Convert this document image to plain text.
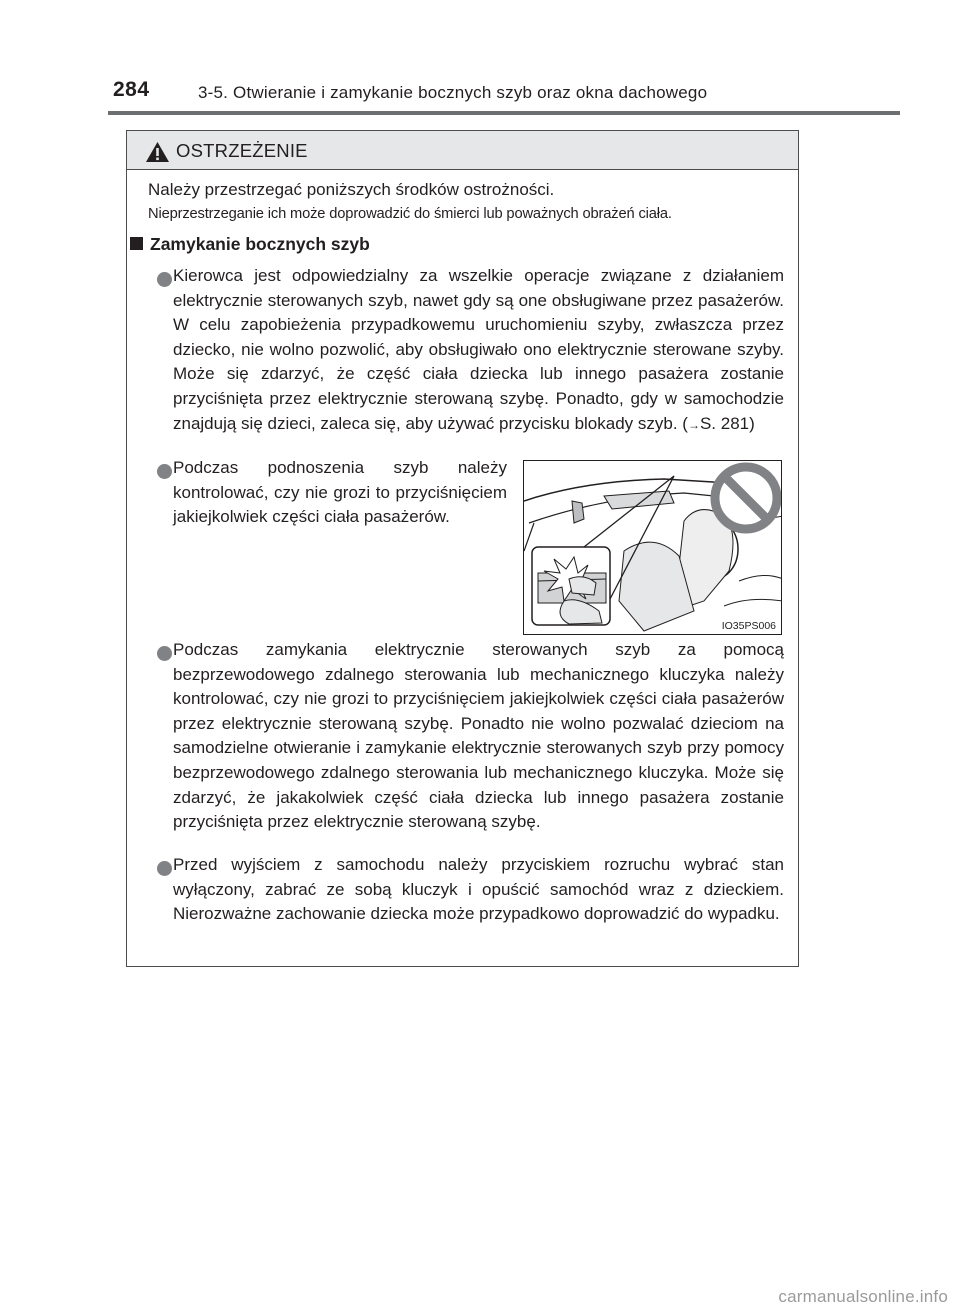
284	3-5. Otwieranie i zamykanie bocznych szyb oraz okna dachowego
OSTRZEŻENIE
Należy przestrzegać poniższych środków ostrożności.
Nieprzestrzeganie ich może doprowadzić do śmierci lub poważnych obrażeń ciała.
Zamykanie bocznych szyb

Kierowca jest odpowiedzialny za wszelkie operacje związane z działaniem elektrycznie sterowanych szyb, nawet gdy są one obsługiwane przez pasażerów. W celu zapobieżenia przypadkowemu uruchomieniu szyby, zwłaszcza przez dziecko, nie wolno pozwolić, aby obsługiwało ono elektrycznie sterowane szyby. Może się zdarzyć, że część ciała dziecka lub innego pasażera zostanie przyciśnięta przez elektrycznie sterowaną szybę. Ponadto, gdy w samochodzie znajdują się dzieci, zaleca się, aby używać przycisku blokady szyb. (→S. 281)

Podczas podnoszenia szyb należy kontrolować, czy nie grozi to przyciśnięciem jakiejkolwiek części ciała pasażerów.

IO35PS006

Podczas zamykania elektrycznie sterowanych szyb za pomocą bezprzewodowego zdalnego sterowania lub mechanicznego kluczyka należy kontrolować, czy nie grozi to przyciśnięciem jakiejkolwiek części ciała pasażerów przez elektrycznie sterowaną szybę. Ponadto nie wolno pozwalać dzieciom na samodzielne otwieranie i zamykanie elektrycznie sterowanych szyb przy pomocy bezprzewodowego zdalnego sterowania lub mechanicznego kluczyka. Może się zdarzyć, że jakakolwiek część ciała dziecka lub innego pasażera zostanie przyciśnięta przez elektrycznie sterowaną szybę.

Przed wyjściem z samochodu należy przyciskiem rozruchu wybrać stan wyłączony, zabrać ze sobą kluczyk i opuścić samochód wraz z dzieckiem. Nierozważne zachowanie dziecka może przypadkowo doprowadzić do wypadku.

carmanualsonline.info
